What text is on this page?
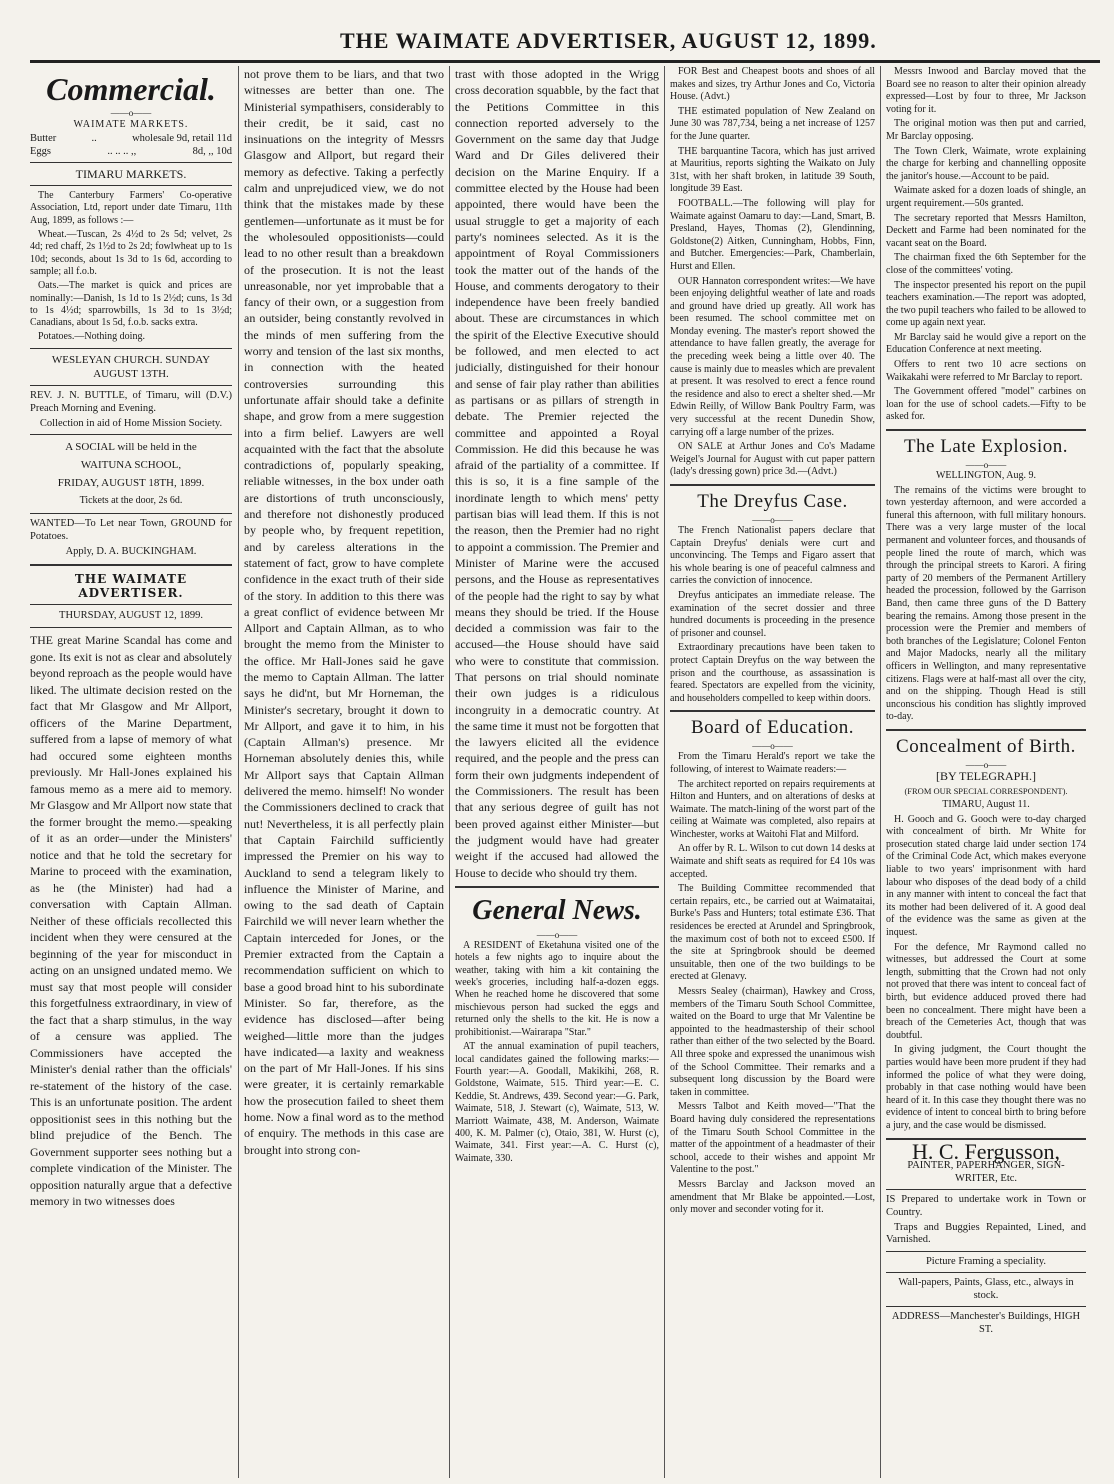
THE WAIMATE ADVERTISER, AUGUST 12, 1899.
Commercial.
——o——
WAIMATE MARKETS.
Butter	..	wholesale 9d, retail 11d
Eggs	.. .. .. ,,	8d, ,, 10d
TIMARU MARKETS.

The Canterbury Farmers' Co-operative Association, Ltd, report under date Timaru, 11th Aug, 1899, as follows :—

Wheat.—Tuscan, 2s 4½d to 2s 5d; velvet, 2s 4d; red chaff, 2s 1½d to 2s 2d; fowlwheat up to 1s 10d; seconds, about 1s 3d to 1s 6d, according to sample; all f.o.b.

Oats.—The market is quick and prices are nominally:—Danish, 1s 1d to 1s 2½d; cuns, 1s 3d to 1s 4½d; sparrowbills, 1s 3d to 1s 3½d; Canadians, about 1s 5d, f.o.b. sacks extra.

Potatoes.—Nothing doing.

WESLEYAN CHURCH. SUNDAY AUGUST 13TH.

REV. J. N. BUTTLE, of Timaru, will (D.V.) Preach Morning and Evening.

Collection in aid of Home Mission Society.

A SOCIAL will be held in the

WAITUNA SCHOOL,

FRIDAY, AUGUST 18TH, 1899.

Tickets at the door, 2s 6d.

WANTED—To Let near Town, GROUND for Potatoes.

Apply, D. A. BUCKINGHAM.

THE WAIMATE ADVERTISER.
THURSDAY, AUGUST 12, 1899.
THE great Marine Scandal has come and gone. Its exit is not as clear and absolutely beyond reproach as the people would have liked. The ultimate decision rested on the fact that Mr Glasgow and Mr Allport, officers of the Marine Department, suffered from a lapse of memory of what had occured some eighteen months previously. Mr Hall-Jones explained his famous memo as a mere aid to memory. Mr Glasgow and Mr Allport now state that the former brought the memo.—speaking of it as an order—under the Ministers' notice and that he told the secretary for Marine to proceed with the examination, as he (the Minister) had had a conversation with Captain Allman. Neither of these officials recollected this incident when they were censured at the beginning of the year for misconduct in acting on an unsigned undated memo. We must say that most people will consider this forgetfulness extraordinary, in view of the fact that a sharp stimulus, in the way of a censure was applied. The Commissioners have accepted the Minister's denial rather than the officials' re-statement of the history of the case. This is an unfortunate position. The ardent oppositionist sees in this nothing but the blind prejudice of the Bench. The Government supporter sees nothing but a complete vindication of the Minister. The opposition naturally argue that a defective memory in two witnesses does
not prove them to be liars, and that two witnesses are better than one. The Ministerial sympathisers, considerably to their credit, be it said, cast no insinuations on the integrity of Messrs Glasgow and Allport, but regard their memory as defective. Taking a perfectly calm and unprejudiced view, we do not think that the mistakes made by these gentlemen—unfortunate as it must be for the wholesouled oppositionists—could lead to no other result than a breakdown of the prosecution. It is not the least unreasonable, nor yet improbable that a fancy of their own, or a suggestion from an outsider, being constantly revolved in the minds of men suffering from the worry and tension of the last six months, in connection with the heated controversies surrounding this unfortunate affair should take a definite shape, and grow from a mere suggestion into a firm belief. Lawyers are well acquainted with the fact that the absolute contradictions of, popularly speaking, reliable witnesses, in the box under oath are distortions of truth unconsciously, and therefore not dishonestly produced by people who, by frequent repetition, and by careless alterations in the statement of fact, grow to have complete confidence in the exact truth of their side of the story. In addition to this there was a great conflict of evidence between Mr Allport and Captain Allman, as to who brought the memo from the Minister to the office. Mr Hall-Jones said he gave the memo to Captain Allman. The latter says he did'nt, but Mr Horneman, the Minister's secretary, brought it down to Mr Allport, and gave it to him, in his (Captain Allman's) presence. Mr Horneman absolutely denies this, while Mr Allport says that Captain Allman delivered the memo. himself! No wonder the Commissioners declined to crack that nut! Nevertheless, it is all perfectly plain that Captain Fairchild sufficiently impressed the Premier on his way to Auckland to send a telegram likely to influence the Minister of Marine, and owing to the sad death of Captain Fairchild we will never learn whether the Captain interceded for Jones, or the Premier extracted from the Captain a recommendation sufficient on which to base a good broad hint to his subordinate Minister. So far, therefore, as the evidence has disclosed—after being weighed—little more than the judges have indicated—a laxity and weakness on the part of Mr Hall-Jones. If his sins were greater, it is certainly remarkable how the prosecution failed to sheet them home. Now a final word as to the method of enquiry. The methods in this case are brought into strong con-
trast with those adopted in the Wrigg cross decoration squabble, by the fact that the Petitions Committee in this connection reported adversely to the Government on the same day that Judge Ward and Dr Giles delivered their decision on the Marine Enquiry. If a committee elected by the House had been appointed, there would have been the usual struggle to get a majority of each party's nominees selected. As it is the appointment of Royal Commissioners took the matter out of the hands of the House, and comments derogatory to their independence have been freely bandied about. These are circumstances in which the spirit of the Elective Executive should be followed, and men elected to act judicially, distinguished for their honour and sense of fair play rather than abilities as partisans or as pillars of strength in debate. The Premier rejected the committee and appointed a Royal Commission. He did this because he was afraid of the partiality of a committee. If this is so, it is a fine sample of the inordinate length to which mens' petty partisan bias will lead them. If this is not the reason, then the Premier had no right to appoint a commission. The Premier and Minister of Marine were the accused persons, and the House as representatives of the people had the right to say by what means they should be tried. If the House decided a commission was fair to the accused—the House should have said who were to constitute that commission. That persons on trial should nominate their own judges is a ridiculous incongruity in a democratic country. At the same time it must not be forgotten that the lawyers elicited all the evidence required, and the people and the press can form their own judgments independent of the Commissioners. The result has been that any serious degree of guilt has not been proved against either Minister—but the judgment would have had greater weight if the accused had allowed the House to decide who should try them.
General News.
——o——

A RESIDENT of Eketahuna visited one of the hotels a few nights ago to inquire about the weather, taking with him a kit containing the week's groceries, including half-a-dozen eggs. When he reached home he discovered that some mischievous person had sucked the eggs and returned only the shells to the kit. He is now a prohibitionist.—Wairarapa "Star."

AT the annual examination of pupil teachers, local candidates gained the following marks:—Fourth year:—A. Goodall, Makikihi, 268, R. Goldstone, Waimate, 515. Third year:—E. C. Keddie, St. Andrews, 439. Second year:—G. Park, Waimate, 518, J. Stewart (c), Waimate, 513, W. Marriott Waimate, 438, M. Anderson, Waimate 400, K. M. Palmer (c), Otaio, 381, W. Hurst (c), Waimate, 341. First year:—A. C. Hurst (c), Waimate, 330.

FOR Best and Cheapest boots and shoes of all makes and sizes, try Arthur Jones and Co, Victoria House. (Advt.)

THE estimated population of New Zealand on June 30 was 787,734, being a net increase of 1257 for the June quarter.

THE barquantine Tacora, which has just arrived at Mauritius, reports sighting the Waikato on July 31st, with her shaft broken, in latitude 39 South, longitude 39 East.

FOOTBALL.—The following will play for Waimate against Oamaru to day:—Land, Smart, B. Presland, Hayes, Thomas (2), Glendinning, Goldstone(2) Aitken, Cunningham, Hobbs, Finn, and Butcher. Emergencies:—Park, Chamberlain, Hurst and Ellen.

OUR Hannaton correspondent writes:—We have been enjoying delightful weather of late and roads and ground have dried up greatly. All work has been resumed. The school committee met on Monday evening. The master's report showed the attendance to have fallen greatly, the average for the preceding week being a little over 40. The cause is mainly due to measles which are prevalent at present. It was resolved to erect a fence round the residence and also to erect a shelter shed.—Mr Edwin Reilly, of Willow Bank Poultry Farm, was very successful at the recent Dunedin Show, carrying off a large number of the prizes.

ON SALE at Arthur Jones and Co's Madame Weigel's Journal for August with cut paper pattern (lady's dressing gown) price 3d.—(Advt.)

The Dreyfus Case.
——o——

The French Nationalist papers declare that Captain Dreyfus' denials were curt and unconvincing. The Temps and Figaro assert that his whole bearing is one of peaceful calmness and carries the conviction of innocence.

Dreyfus anticipates an immediate release. The examination of the secret dossier and three hundred documents is proceeding in the presence of prisoner and counsel.

Extraordinary precautions have been taken to protect Captain Dreyfus on the way between the prison and the courthouse, as assassination is feared. Spectators are expelled from the vicinity, and householders compelled to keep within doors.

Board of Education.
——o——

From the Timaru Herald's report we take the following, of interest to Waimate readers:—

The architect reported on repairs requirements at Hilton and Hunters, and on alterations of desks at Waimate. The match-lining of the worst part of the ceiling at Waimate was completed, also repairs at Winchester, works at Waitohi Flat and Milford.

An offer by R. L. Wilson to cut down 14 desks at Waimate and shift seats as required for £4 10s was accepted.

The Building Committee recommended that certain repairs, etc., be carried out at Waimataitai, Burke's Pass and Hunters; total estimate £36. That residences be erected at Arundel and Springbrook, the maximum cost of both not to exceed £500. If the site at Springbrook should be deemed unsuitable, then one of the two buildings to be erected at Glenavy.

Messrs Sealey (chairman), Hawkey and Cross, members of the Timaru South School Committee, waited on the Board to urge that Mr Valentine be appointed to the headmastership of their school rather than either of the two selected by the Board. All three spoke and expressed the unanimous wish of the School Committee. Their remarks and a subsequent long discussion by the Board were taken in committee.

Messrs Talbot and Keith moved—"That the Board having duly considered the representations of the Timaru South School Committee in the matter of the appointment of a headmaster of their school, accede to their wishes and appoint Mr Valentine to the post."

Messrs Barclay and Jackson moved an amendment that Mr Blake be appointed.—Lost, only mover and seconder voting for it.

Messrs Inwood and Barclay moved that the Board see no reason to alter their opinion already expressed—Lost by four to three, Mr Jackson voting for it.

The original motion was then put and carried, Mr Barclay opposing.

The Town Clerk, Waimate, wrote explaining the charge for kerbing and channelling opposite the janitor's house.—Account to be paid.

Waimate asked for a dozen loads of shingle, an urgent requirement.—50s granted.

The secretary reported that Messrs Hamilton, Deckett and Farme had been nominated for the vacant seat on the Board.

The chairman fixed the 6th September for the close of the committees' voting.

The inspector presented his report on the pupil teachers examination.—The report was adopted, the two pupil teachers who failed to be allowed to come up again next year.

Mr Barclay said he would give a report on the Education Conference at next meeting.

Offers to rent two 10 acre sections on Waikakahi were referred to Mr Barclay to report.

The Government offered "model" carbines on loan for the use of school cadets.—Fifty to be asked for.

The Late Explosion.
——o——

WELLINGTON, Aug. 9.

The remains of the victims were brought to town yesterday afternoon, and were accorded a funeral this afternoon, with full military honours. There was a very large muster of the local permanent and volunteer forces, and thousands of people lined the route of march, which was through the principal streets to Karori. A firing party of 20 members of the Permanent Artillery headed the procession, followed by the Garrison Band, then came three guns of the D Battery bearing the remains. Among those present in the procession were the Premier and members of both branches of the Legislature; Colonel Fenton and Major Madocks, nearly all the military officers in Wellington, and many representative citizens. Flags were at half-mast all over the city, and on the shipping. Though Head is still unconscious his condition has slightly improved to-day.

Concealment of Birth.
——o——

[BY TELEGRAPH.]

(FROM OUR SPECIAL CORRESPONDENT).

TIMARU, August 11.

H. Gooch and G. Gooch were to-day charged with concealment of birth. Mr White for prosecution stated charge laid under section 174 of the Criminal Code Act, which makes everyone liable to two years' imprisonment with hard labour who disposes of the dead body of a child in any manner with intent to conceal the fact that its mother had been delivered of it. A good deal of the evidence was the same as given at the inquest.

For the defence, Mr Raymond called no witnesses, but addressed the Court at some length, submitting that the Crown had not only not proved that there was intent to conceal fact of birth, but evidence adduced proved there had been no concealment. There might have been a breach of the Cemeteries Act, though that was doubtful.

In giving judgment, the Court thought the parties would have been more prudent if they had informed the police of what they were doing, probably in that case nothing would have been heard of it. In this case they thought there was no evidence of intent to conceal birth to bring before a jury, and the case would be dismissed.

H. C. Fergusson,

PAINTER, PAPERHANGER, SIGN-WRITER, Etc.

IS Prepared to undertake work in Town or Country.

Traps and Buggies Repainted, Lined, and Varnished.

Picture Framing a speciality.

Wall-papers, Paints, Glass, etc., always in stock.

ADDRESS—Manchester's Buildings, HIGH ST.
